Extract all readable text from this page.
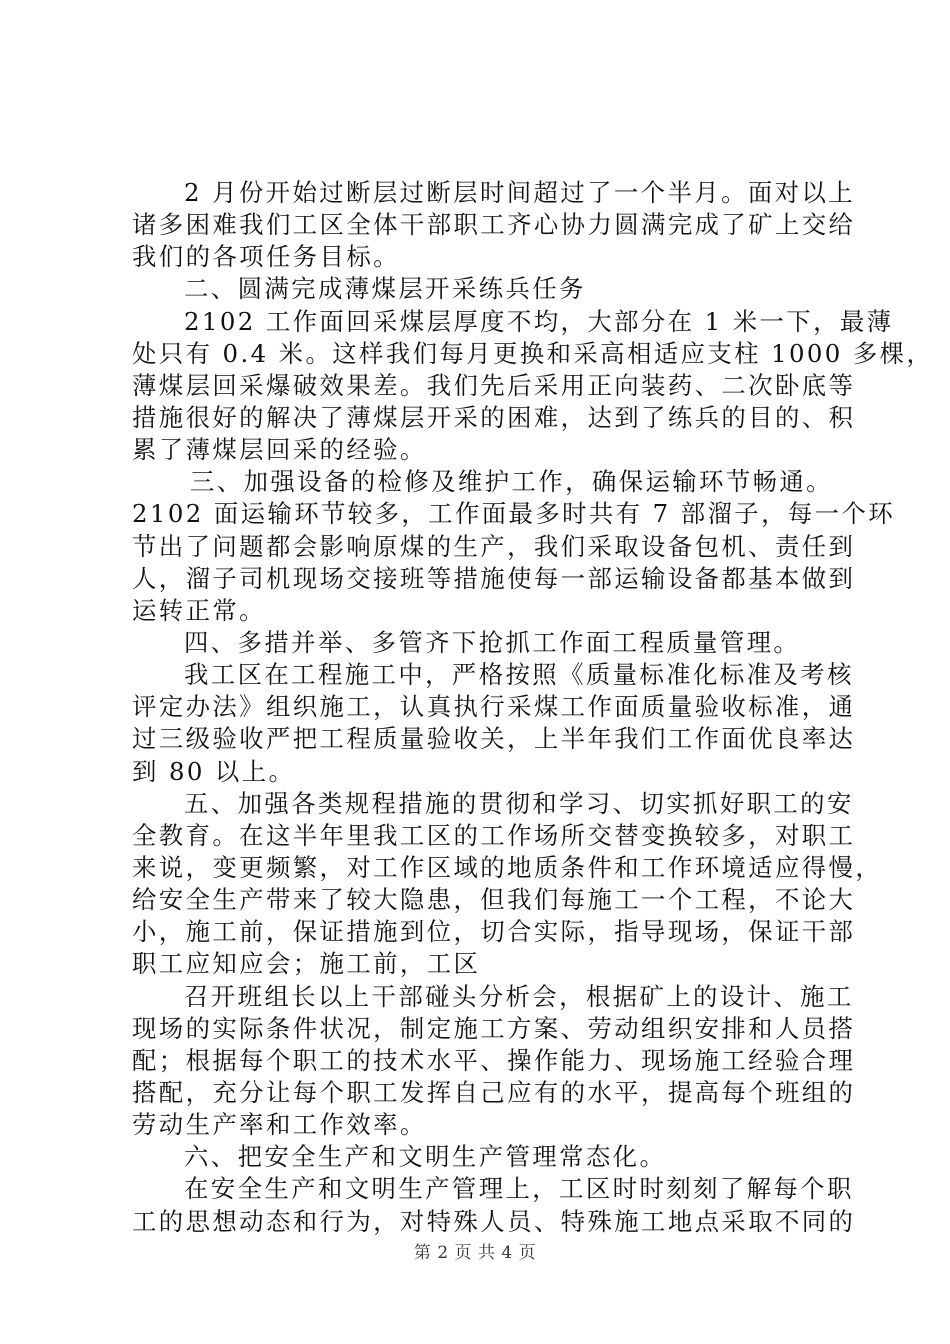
2 月份开始过断层过断层时间超过了一个半月。面对以上
诸多困难我们工区全体干部职工齐心协力圆满完成了矿上交给
我们的各项任务目标。
二、圆满完成薄煤层开采练兵任务
2102 工作面回采煤层厚度不均，大部分在 1 米一下，最薄
处只有 0.4 米。这样我们每月更换和采高相适应支柱 1000 多棵，
薄煤层回采爆破效果差。我们先后采用正向装药、二次卧底等
措施很好的解决了薄煤层开采的困难，达到了练兵的目的、积
累了薄煤层回采的经验。
三、加强设备的检修及维护工作，确保运输环节畅通。
2102 面运输环节较多，工作面最多时共有 7 部溜子，每一个环
节出了问题都会影响原煤的生产，我们采取设备包机、责任到
人，溜子司机现场交接班等措施使每一部运输设备都基本做到
运转正常。
四、多措并举、多管齐下抢抓工作面工程质量管理。
我工区在工程施工中，严格按照《质量标准化标准及考核
评定办法》组织施工，认真执行采煤工作面质量验收标准，通
过三级验收严把工程质量验收关，上半年我们工作面优良率达
到 80 以上。
五、加强各类规程措施的贯彻和学习、切实抓好职工的安
全教育。在这半年里我工区的工作场所交替变换较多，对职工
来说，变更频繁，对工作区域的地质条件和工作环境适应得慢，
给安全生产带来了较大隐患，但我们每施工一个工程，不论大
小，施工前，保证措施到位，切合实际，指导现场，保证干部
职工应知应会；施工前，工区
召开班组长以上干部碰头分析会，根据矿上的设计、施工
现场的实际条件状况，制定施工方案、劳动组织安排和人员搭
配；根据每个职工的技术水平、操作能力、现场施工经验合理
搭配，充分让每个职工发挥自己应有的水平，提高每个班组的
劳动生产率和工作效率。
六、把安全生产和文明生产管理常态化。
在安全生产和文明生产管理上，工区时时刻刻了解每个职
工的思想动态和行为，对特殊人员、特殊施工地点采取不同的
第 2 页 共 4 页
